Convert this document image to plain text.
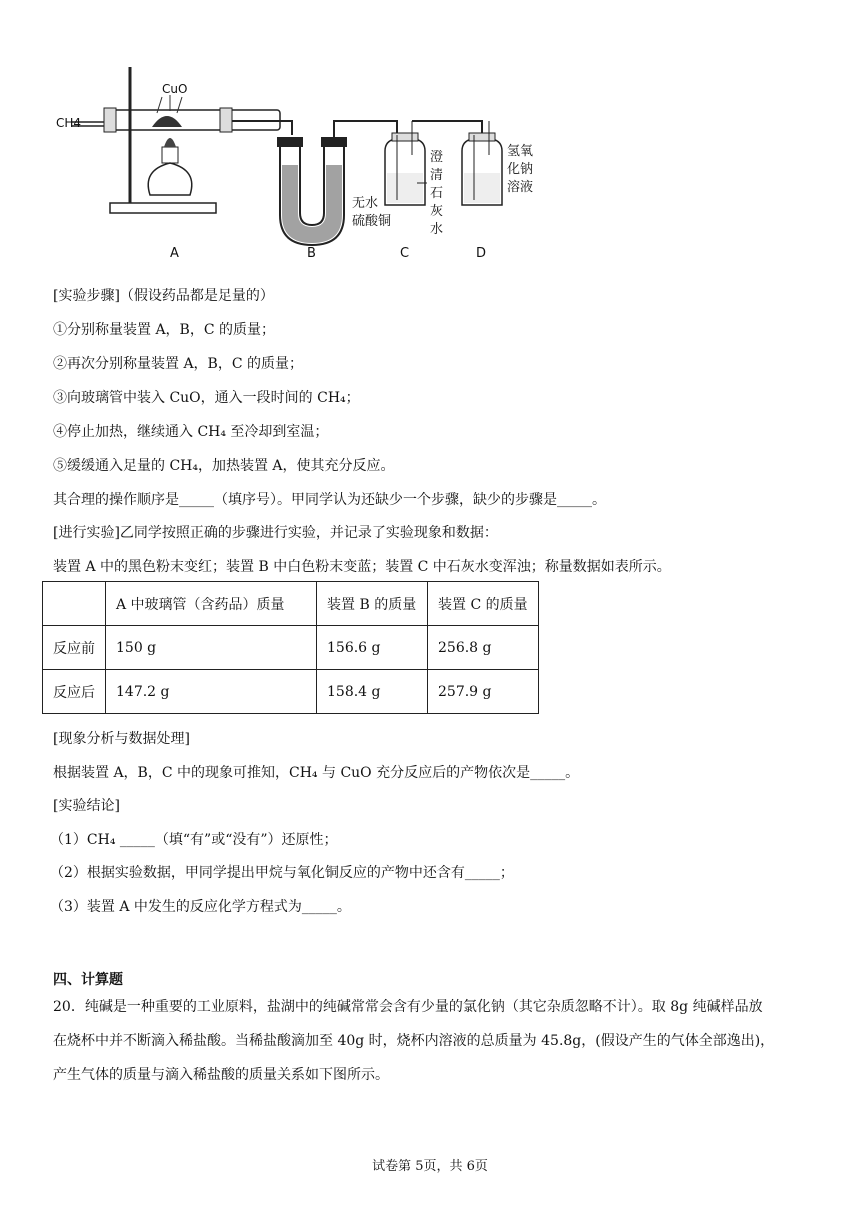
CH4
CuO
无水
硫酸铜
澄
清
石
灰
水
氢氧
化钠
溶液
A	B	C	D
[实验步骤]（假设药品都是足量的）
①分别称量装置 A，B，C 的质量；
②再次分别称量装置 A，B，C 的质量；
③向玻璃管中装入 CuO，通入一段时间的 CH₄；
④停止加热，继续通入 CH₄ 至冷却到室温；
⑤缓缓通入足量的 CH₄，加热装置 A，使其充分反应。
其合理的操作顺序是_____（填序号）。甲同学认为还缺少一个步骤，缺少的步骤是_____。
[进行实验]乙同学按照正确的步骤进行实验，并记录了实验现象和数据：
装置 A 中的黑色粉末变红；装置 B 中白色粉末变蓝；装置 C 中石灰水变浑浊；称量数据如表所示。
	A 中玻璃管（含药品）质量	装置 B 的质量	装置 C 的质量
反应前	150 g	156.6 g	256.8 g
反应后	147.2 g	158.4 g	257.9 g
[现象分析与数据处理]
根据装置 A，B，C 中的现象可推知，CH₄ 与 CuO 充分反应后的产物依次是_____。
[实验结论]
（1）CH₄ _____（填“有”或“没有”）还原性；
（2）根据实验数据，甲同学提出甲烷与氧化铜反应的产物中还含有_____；
（3）装置 A 中发生的反应化学方程式为_____。
四、计算题
20．纯碱是一种重要的工业原料，盐湖中的纯碱常常会含有少量的氯化钠（其它杂质忽略不计）。取 8g 纯碱样品放
在烧杯中并不断滴入稀盐酸。当稀盐酸滴加至 40g 时，烧杯内溶液的总质量为 45.8g，(假设产生的气体全部逸出)，
产生气体的质量与滴入稀盐酸的质量关系如下图所示。
试卷第 5页，共 6页
